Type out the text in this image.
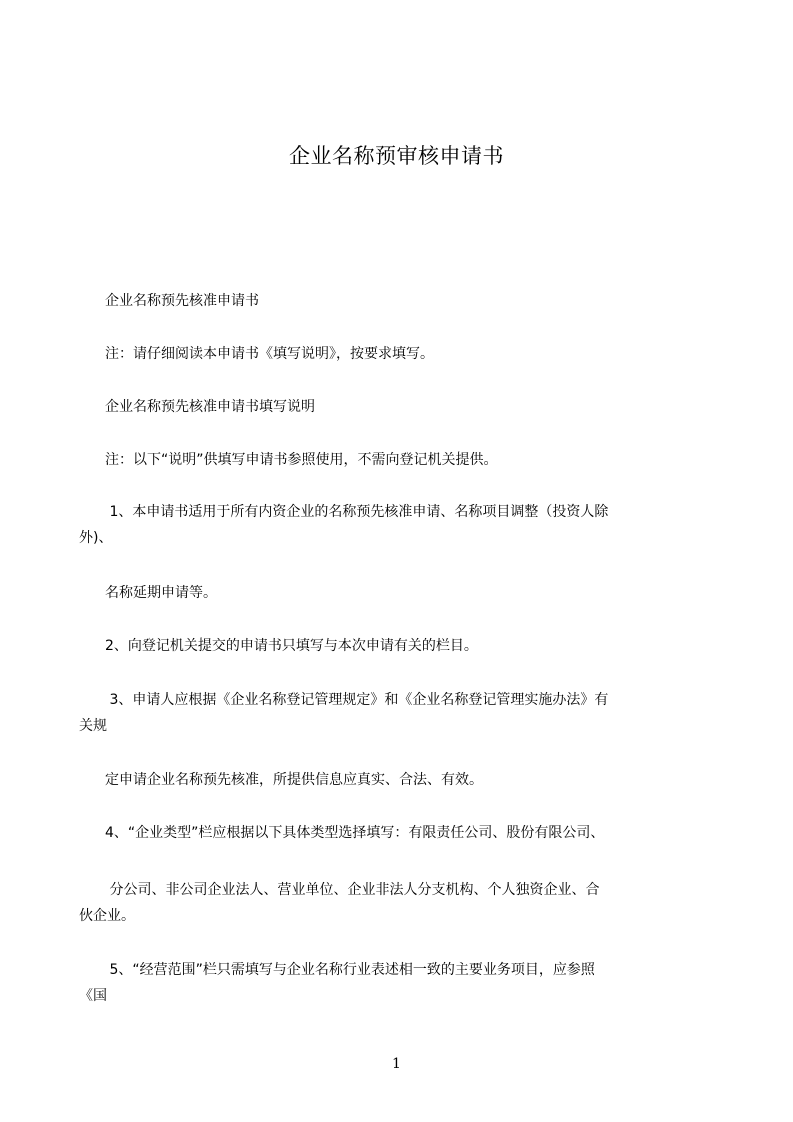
企业名称预审核申请书
企业名称预先核准申请书
注：请仔细阅读本申请书《填写说明》，按要求填写。
企业名称预先核准申请书填写说明
注：以下“说明”供填写申请书参照使用，不需向登记机关提供。
1、本申请书适用于所有内资企业的名称预先核准申请、名称项目调整（投资人除
外)、
名称延期申请等。
2、向登记机关提交的申请书只填写与本次申请有关的栏目。
3、申请人应根据《企业名称登记管理规定》和《企业名称登记管理实施办法》有
关规
定申请企业名称预先核准，所提供信息应真实、合法、有效。
4、“企业类型”栏应根据以下具体类型选择填写：有限责任公司、股份有限公司、
分公司、非公司企业法人、营业单位、企业非法人分支机构、个人独资企业、合
伙企业。
5、“经营范围”栏只需填写与企业名称行业表述相一致的主要业务项目，应参照
《国
1
